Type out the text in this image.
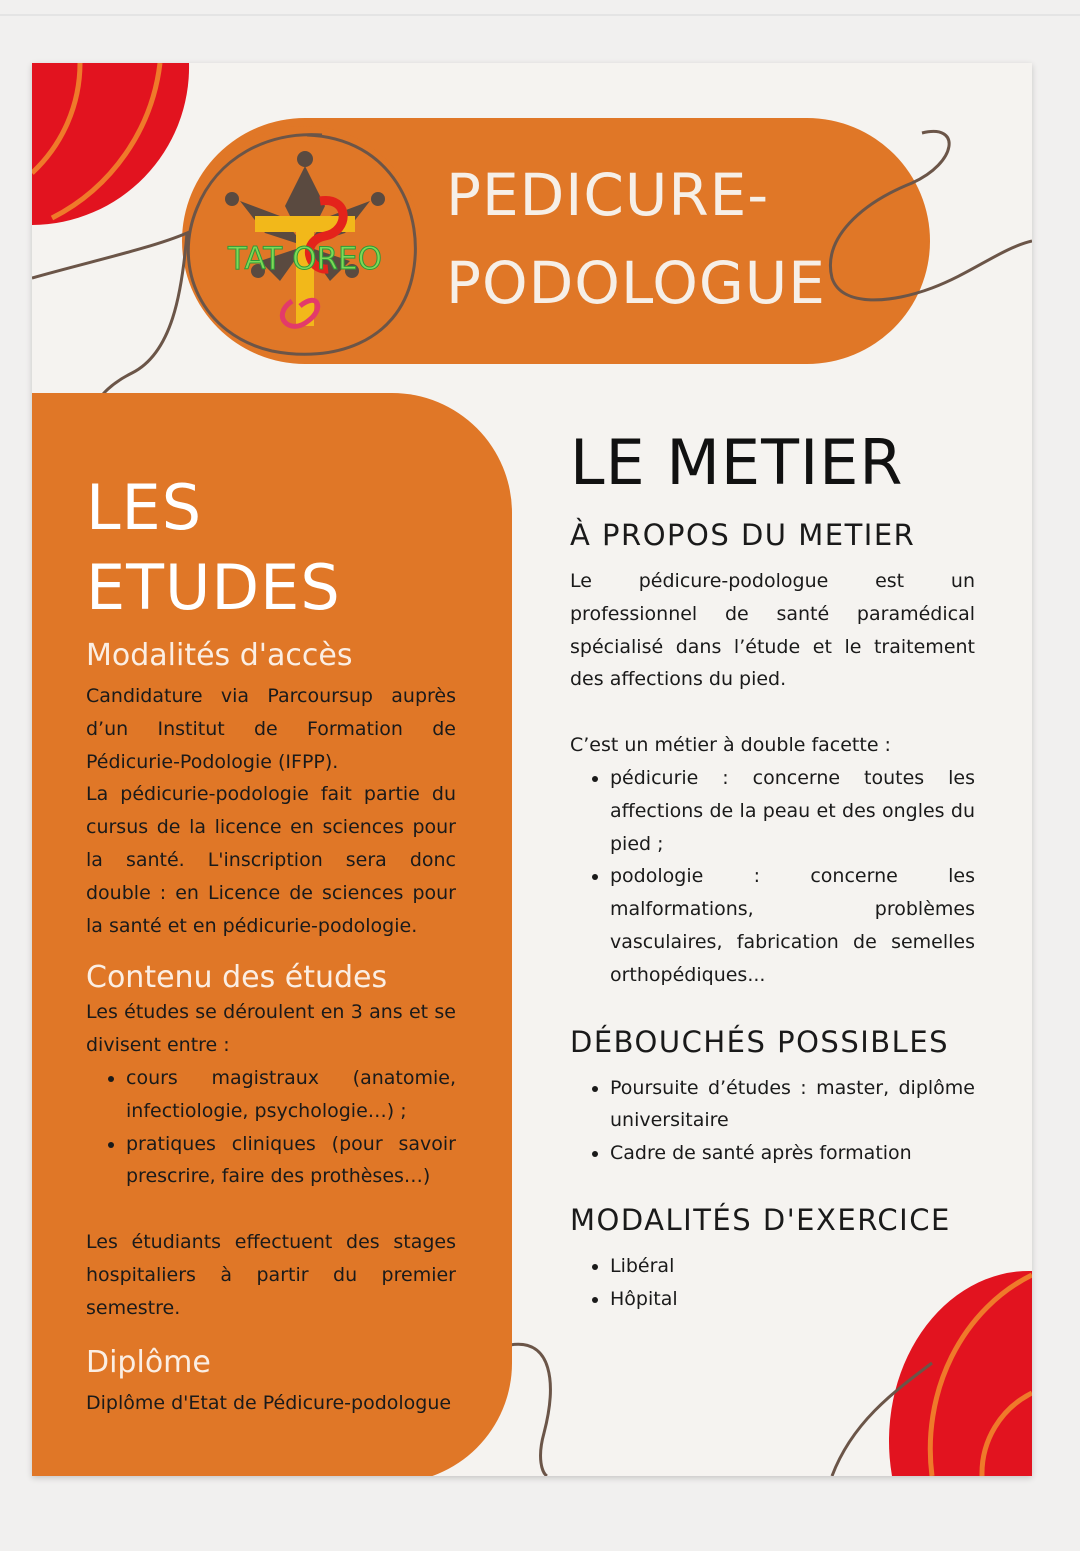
TAT OREO
PEDICURE-
PODOLOGUE
LES ETUDES
Modalités d'accès

Candidature via Parcoursup auprès d’un Institut de Formation de Pédicurie-Podologie (IFPP).

La pédicurie-podologie fait partie du cursus de la licence en sciences pour la santé. L'inscription sera donc double : en Licence de sciences pour la santé et en pédicurie-podologie.

Contenu des études

Les études se déroulent en 3 ans et se divisent entre :

• cours magistraux (anatomie, infectiologie, psychologie…) ;
• pratiques cliniques (pour savoir prescrire, faire des prothèses…)

Les étudiants effectuent des stages hospitaliers à partir du premier semestre.

Diplôme

Diplôme d'Etat de Pédicure-podologue

LE METIER
À PROPOS DU METIER

Le pédicure-podologue est un professionnel de santé paramédical spécialisé dans l’étude et le traitement des affections du pied.

C’est un métier à double facette :

• pédicurie : concerne toutes les affections de la peau et des ongles du pied ;
• podologie : concerne les malformations, problèmes vasculaires, fabrication de semelles orthopédiques...
DÉBOUCHÉS POSSIBLES
• Poursuite d’études : master, diplôme universitaire
• Cadre de santé après formation
MODALITÉS D'EXERCICE
• Libéral
• Hôpital
